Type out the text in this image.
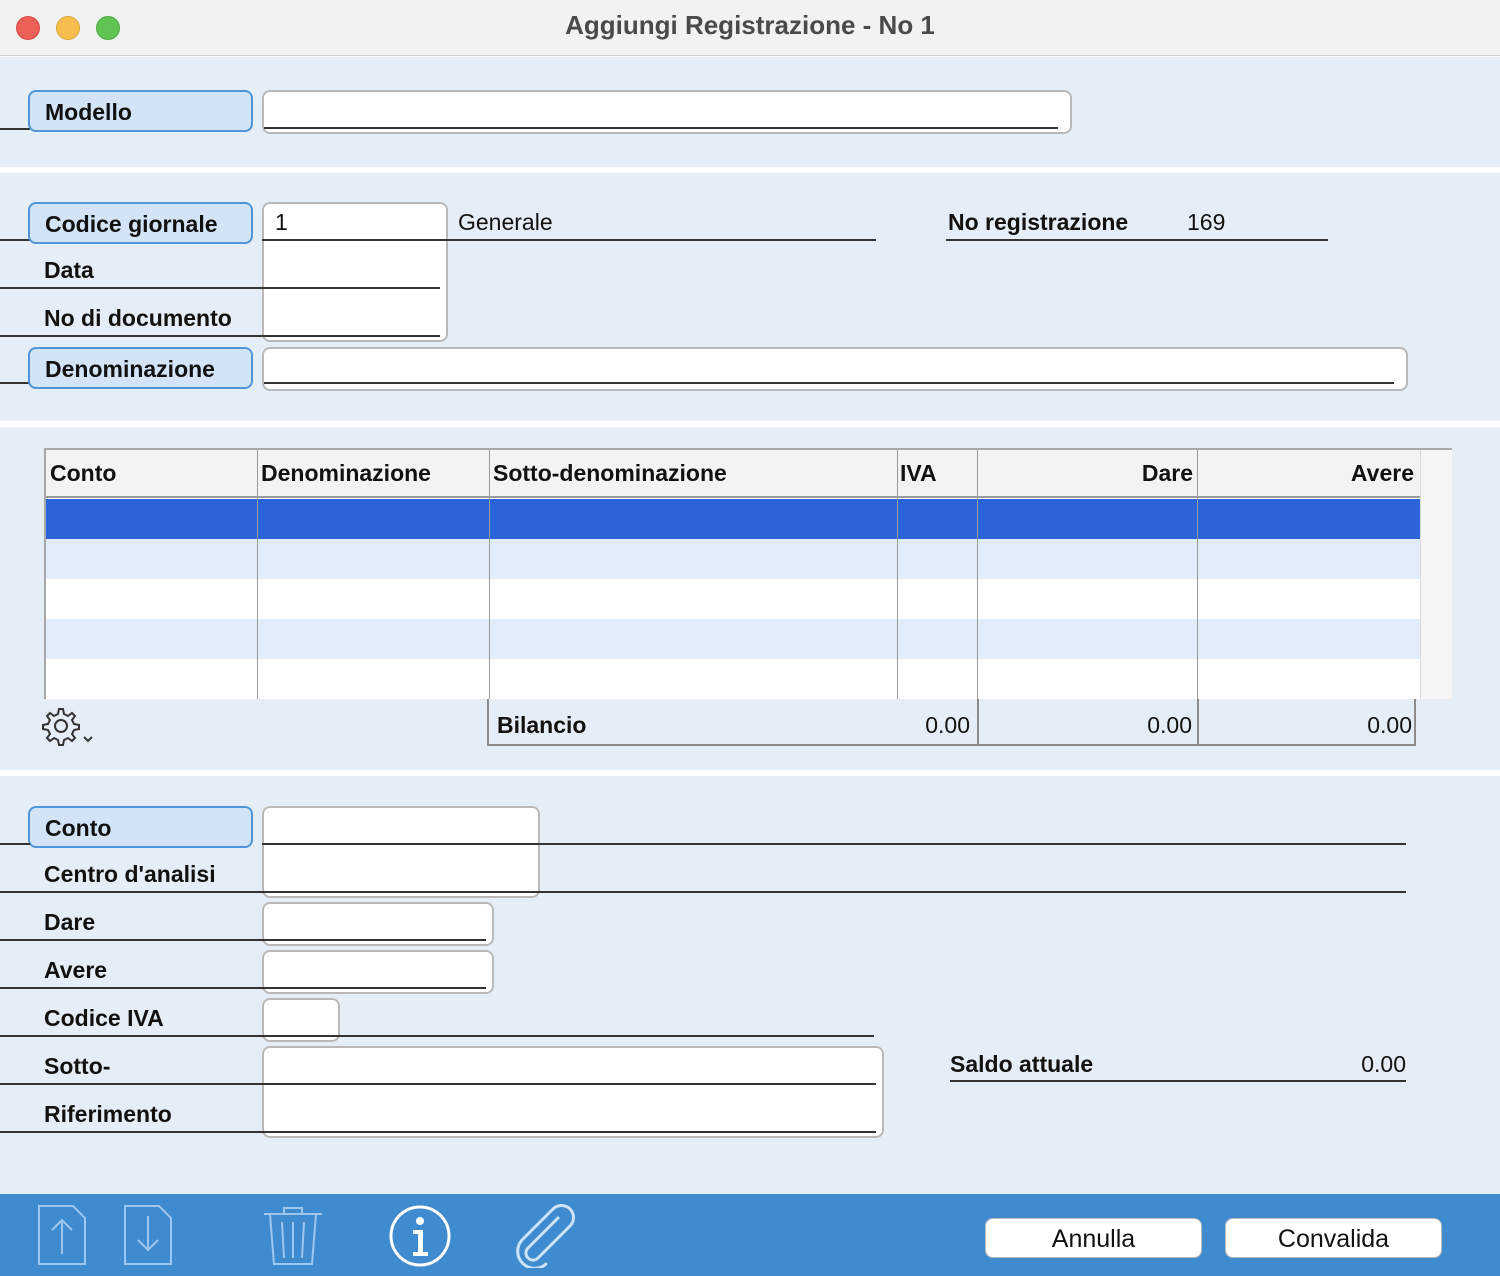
Aggiungi Registrazione - No 1
Modello
Codice giornale	1	Generale	No registrazione	169
Data
No di documento
Denominazione
Conto	Denominazione	Sotto-denominazione	IVA	Dare	Avere
Bilancio	0.00	0.00	0.00
Conto
Centro d'analisi
Dare
Avere
Codice IVA
Sotto-
Riferimento
Saldo attuale	0.00
Annulla	Convalida
